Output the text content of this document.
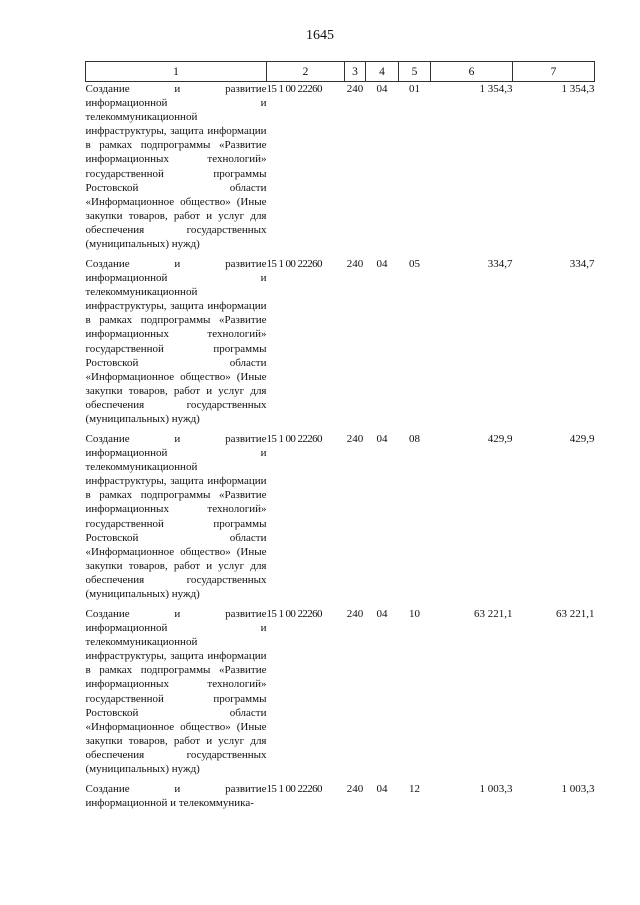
1645
1	2	3	4	5	6	7

Создание и развитие информационной и телекоммуникационной инфраструктуры, защита информации в рамках подпрограммы «Развитие информационных технологий» государственной программы Ростовской области «Информационное общество» (Иные закупки товаров, работ и услуг для обеспечения государственных (муниципальных) нужд)	15 1 00 22260	240	04	01	1 354,3	1 354,3

Создание и развитие информационной и телекоммуникационной инфраструктуры, защита информации в рамках подпрограммы «Развитие информационных технологий» государственной программы Ростовской области «Информационное общество» (Иные закупки товаров, работ и услуг для обеспечения государственных (муниципальных) нужд)	15 1 00 22260	240	04	05	334,7	334,7

Создание и развитие информационной и телекоммуникационной инфраструктуры, защита информации в рамках подпрограммы «Развитие информационных технологий» государственной программы Ростовской области «Информационное общество» (Иные закупки товаров, работ и услуг для обеспечения государственных (муниципальных) нужд)	15 1 00 22260	240	04	08	429,9	429,9

Создание и развитие информационной и телекоммуникационной инфраструктуры, защита информации в рамках подпрограммы «Развитие информационных технологий» государственной программы Ростовской области «Информационное общество» (Иные закупки товаров, работ и услуг для обеспечения государственных (муниципальных) нужд)	15 1 00 22260	240	04	10	63 221,1	63 221,1

Создание и развитие информационной и телекоммуника-	15 1 00 22260	240	04	12	1 003,3	1 003,3
